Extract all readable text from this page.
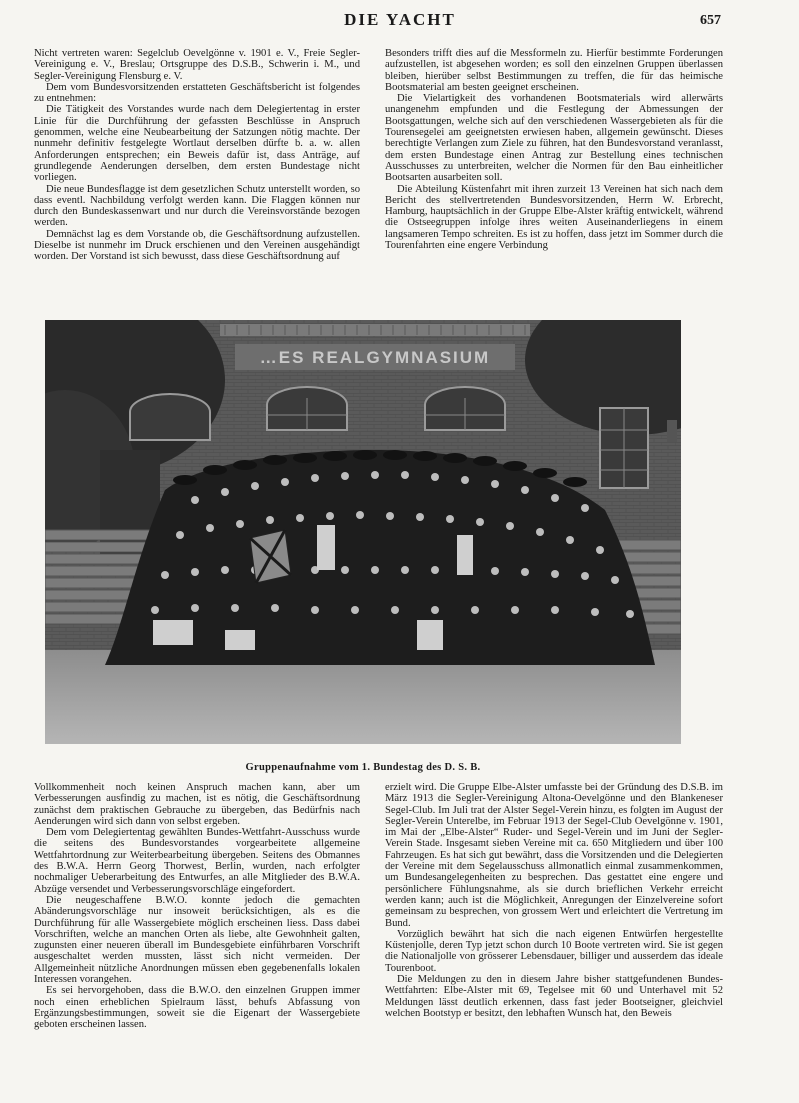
DIE YACHT	657

Nicht vertreten waren: Segelclub Oevelgönne v. 1901 e. V., Freie Segler-Vereinigung e. V., Breslau; Ortsgruppe des D.S.B., Schwerin i. M., und Segler-Vereinigung Flensburg e. V.

Dem vom Bundesvorsitzenden erstatteten Geschäftsbericht ist folgendes zu entnehmen:

Die Tätigkeit des Vorstandes wurde nach dem Delegiertentag in erster Linie für die Durchführung der gefassten Beschlüsse in Anspruch genommen, welche eine Neubearbeitung der Satzungen nötig machte. Der nunmehr definitiv festgelegte Wortlaut derselben dürfte b. a. w. allen Anforderungen entsprechen; ein Beweis dafür ist, dass Anträge, auf grundlegende Aenderungen derselben, dem ersten Bundestage nicht vorliegen.

Die neue Bundesflagge ist dem gesetzlichen Schutz unterstellt worden, so dass eventl. Nachbildung verfolgt werden kann. Die Flaggen können nur durch den Bundeskassenwart und nur durch die Vereinsvorstände bezogen werden.

Demnächst lag es dem Vorstande ob, die Geschäftsordnung aufzustellen. Dieselbe ist nunmehr im Druck erschienen und den Vereinen ausgehändigt worden. Der Vorstand ist sich bewusst, dass diese Geschäftsordnung auf

Besonders trifft dies auf die Messformeln zu. Hierfür bestimmte Forderungen aufzustellen, ist abgesehen worden; es soll den einzelnen Gruppen überlassen bleiben, hierüber selbst Bestimmungen zu treffen, die für das heimische Bootsmaterial am besten geeignet erscheinen.

Die Vielartigkeit des vorhandenen Bootsmaterials wird allerwärts unangenehm empfunden und die Festlegung der Abmessungen der Bootsgattungen, welche sich auf den verschiedenen Wassergebieten als für die Tourensegelei am geeignetsten erwiesen haben, allgemein gewünscht. Dieses berechtigte Verlangen zum Ziele zu führen, hat den Bundesvorstand veranlasst, dem ersten Bundestage einen Antrag zur Bestellung eines technischen Ausschusses zu unterbreiten, welcher die Normen für den Bau einheitlicher Bootsarten ausarbeiten soll.

Die Abteilung Küstenfahrt mit ihren zurzeit 13 Vereinen hat sich nach dem Bericht des stellvertretenden Bundesvorsitzenden, Herrn W. Erbrecht, Hamburg, hauptsächlich in der Gruppe Elbe-Alster kräftig entwickelt, während die Ostseegruppen infolge ihres weiten Auseinanderliegens in einem langsameren Tempo schreiten. Es ist zu hoffen, dass jetzt im Sommer durch die Tourenfahrten eine engere Verbindung

…ES REALGYMNASIUM
Gruppenaufnahme vom 1. Bundestag des D. S. B.

Vollkommenheit noch keinen Anspruch machen kann, aber um Verbesserungen ausfindig zu machen, ist es nötig, die Geschäftsordnung zunächst dem praktischen Gebrauche zu übergeben, das Bedürfnis nach Aenderungen wird sich dann von selbst ergeben.

Dem vom Delegiertentag gewählten Bundes-Wettfahrt-Ausschuss wurde die seitens des Bundesvorstandes vorgearbeitete allgemeine Wettfahrtordnung zur Weiterbearbeitung übergeben. Seitens des Obmannes des B.W.A. Herrn Georg Thorwest, Berlin, wurden, nach erfolgter nochmaliger Ueberarbeitung des Entwurfes, an alle Mitglieder des B.W.A. Abzüge versendet und Verbesserungsvorschläge eingefordert.

Die neugeschaffene B.W.O. konnte jedoch die gemachten Abänderungsvorschläge nur insoweit berücksichtigen, als es die Durchführung für alle Wassergebiete möglich erscheinen liess. Dass dabei Vorschriften, welche an manchen Orten als liebe, alte Gewohnheit galten, zugunsten einer neueren überall im Bundesgebiete einführbaren Vorschrift ausgeschaltet werden mussten, lässt sich nicht vermeiden. Der Allgemeinheit nützliche Anordnungen müssen eben gegebenenfalls lokalen Interessen vorangehen.

Es sei hervorgehoben, dass die B.W.O. den einzelnen Gruppen immer noch einen erheblichen Spielraum lässt, behufs Abfassung von Ergänzungsbestimmungen, soweit sie die Eigenart der Wassergebiete geboten erscheinen lassen.

erzielt wird. Die Gruppe Elbe-Alster umfasste bei der Gründung des D.S.B. im März 1913 die Segler-Vereinigung Altona-Oevelgönne und den Blankeneser Segel-Club. Im Juli trat der Alster Segel-Verein hinzu, es folgten im August der Segler-Verein Unterelbe, im Februar 1913 der Segel-Club Oevelgönne v. 1901, im Mai der „Elbe-Alster“ Ruder- und Segel-Verein und im Juni der Segler-Verein Stade. Insgesamt sieben Vereine mit ca. 650 Mitgliedern und über 100 Fahrzeugen. Es hat sich gut bewährt, dass die Vorsitzenden und die Delegierten der Vereine mit dem Segelausschuss allmonatlich einmal zusammenkommen, um Bundesangelegenheiten zu besprechen. Das gestattet eine engere und persönlichere Fühlungsnahme, als sie durch brieflichen Verkehr erreicht werden kann; auch ist die Möglichkeit, Anregungen der Einzelvereine sofort gemeinsam zu besprechen, von grossem Wert und erleichtert die Vertretung im Bund.

Vorzüglich bewährt hat sich die nach eigenen Entwürfen hergestellte Küstenjolle, deren Typ jetzt schon durch 10 Boote vertreten wird. Sie ist gegen die Nationaljolle von grösserer Lebensdauer, billiger und ausserdem das ideale Tourenboot.

Die Meldungen zu den in diesem Jahre bisher stattgefundenen Bundes-Wettfahrten: Elbe-Alster mit 69, Tegelsee mit 60 und Unterhavel mit 52 Meldungen lässt deutlich erkennen, dass fast jeder Bootseigner, gleichviel welchen Bootstyp er besitzt, den lebhaften Wunsch hat, den Beweis
